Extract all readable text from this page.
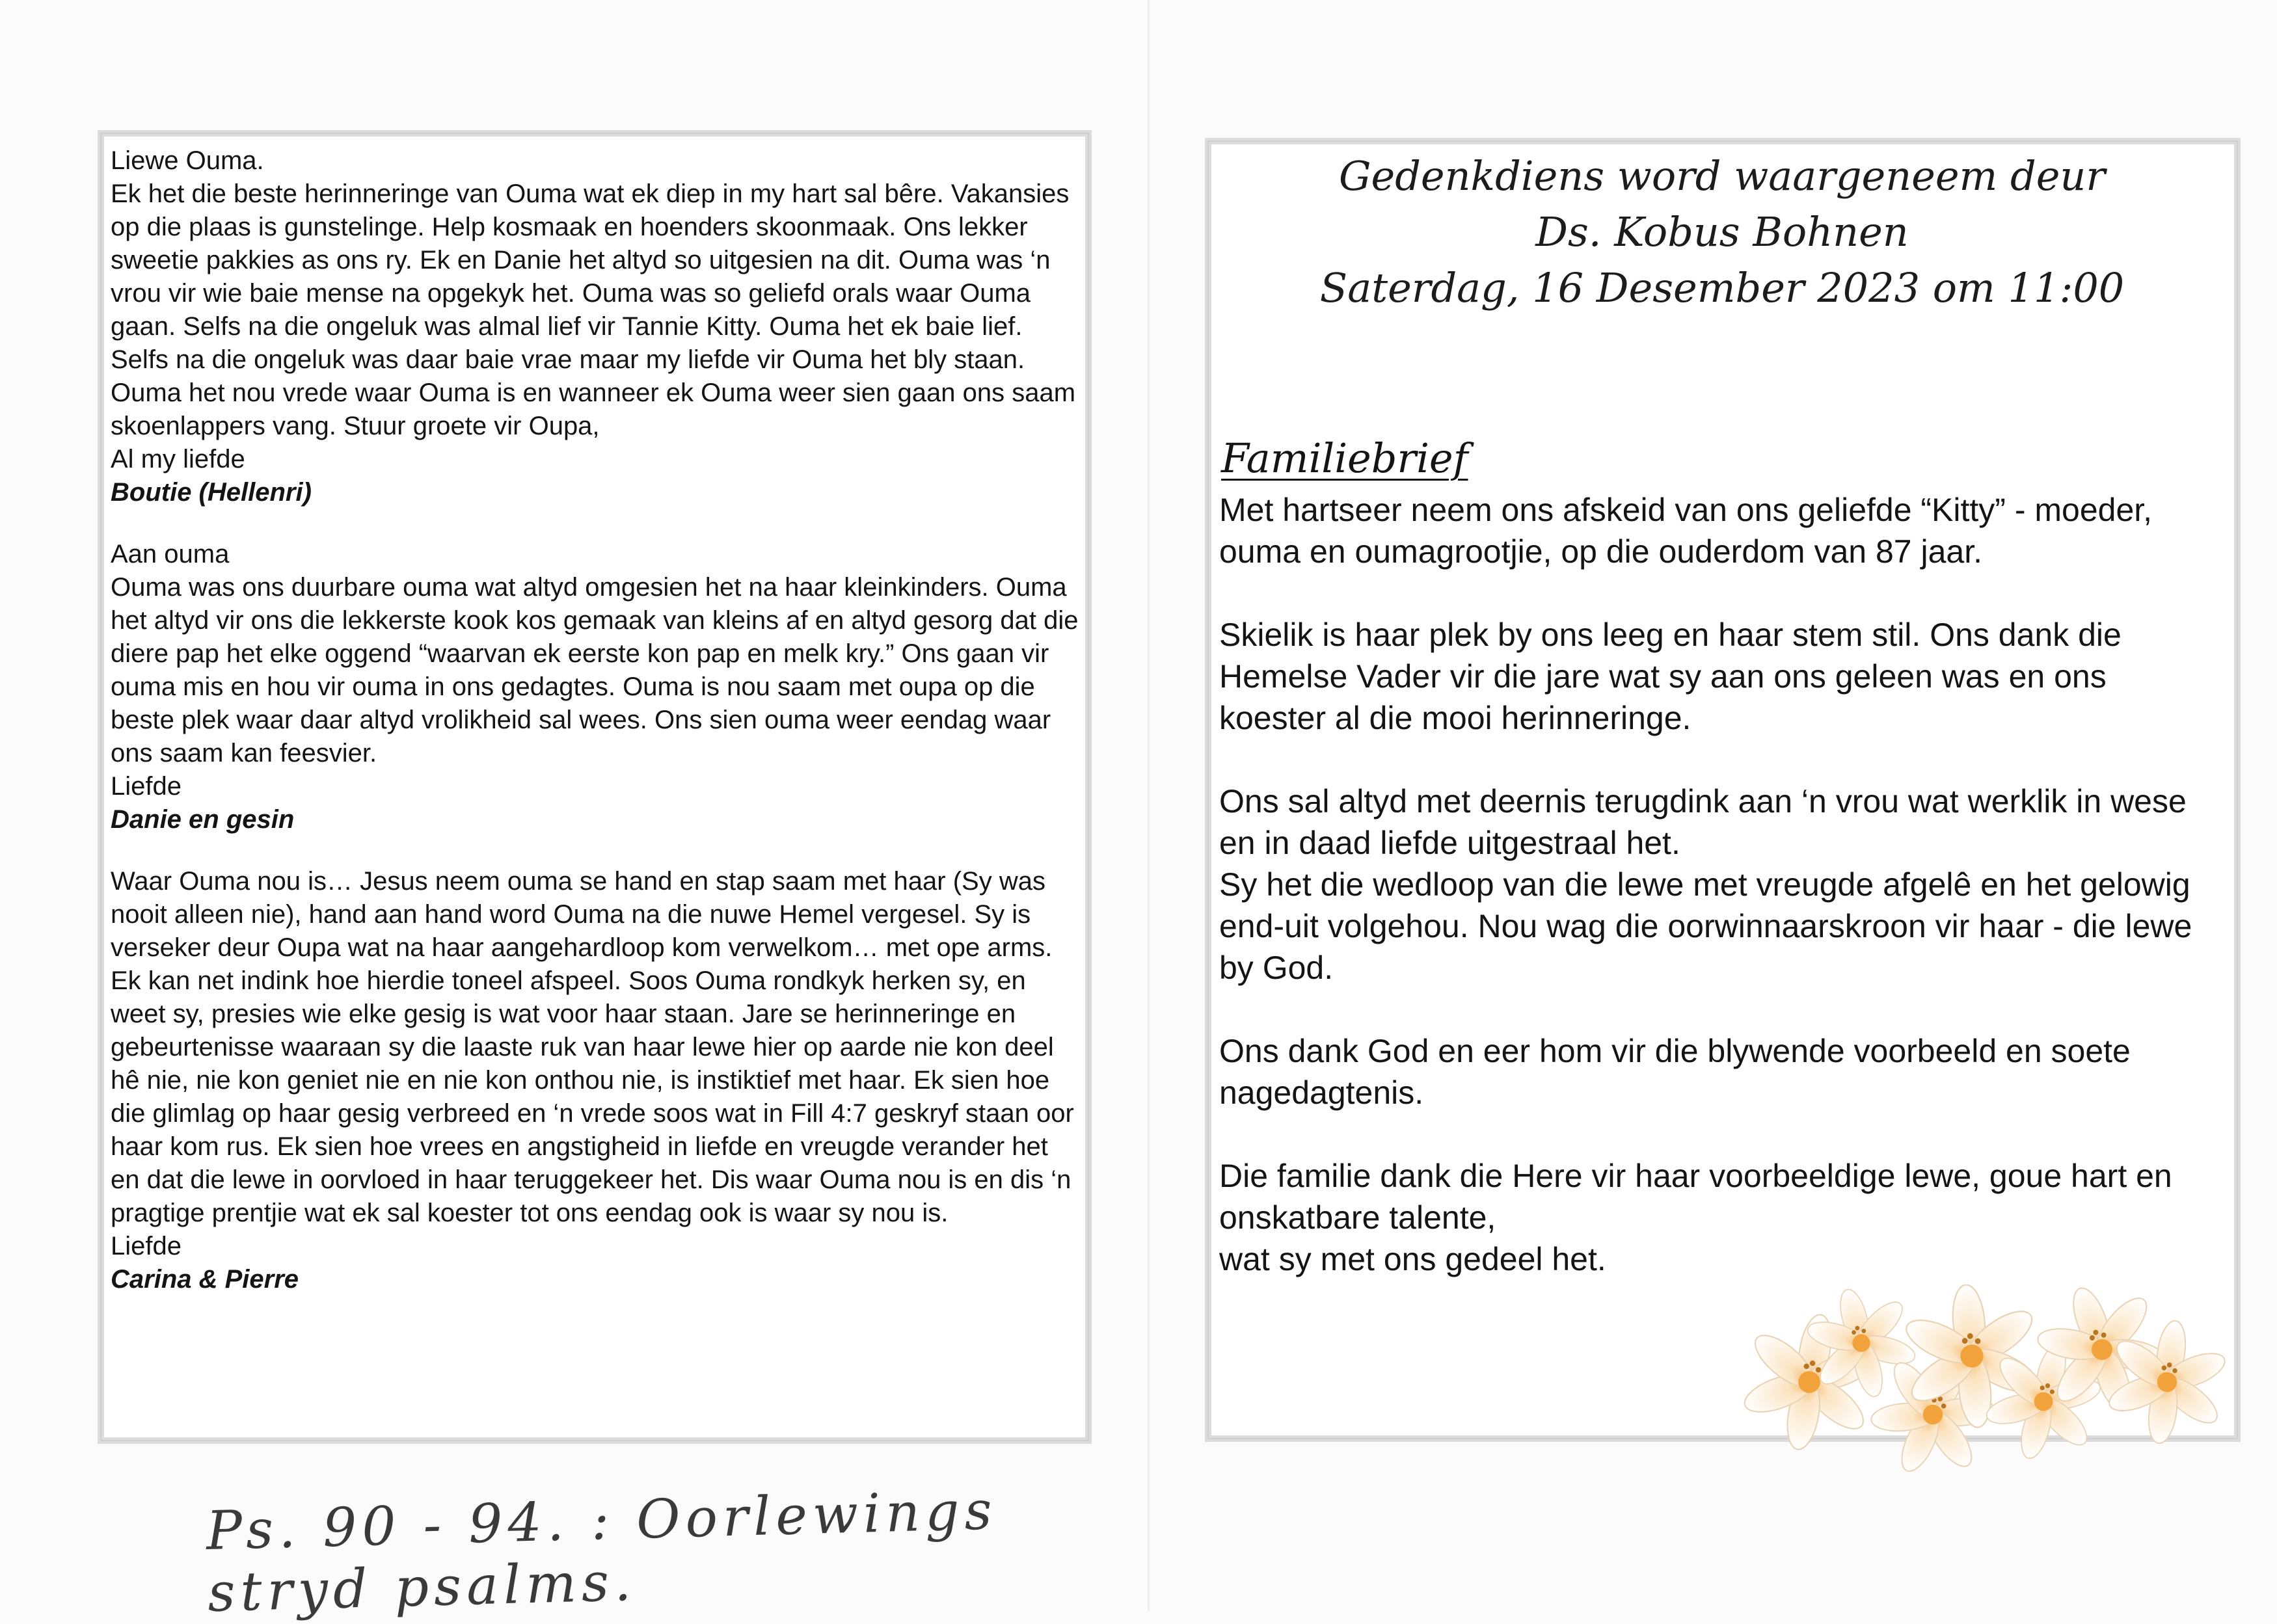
Liewe Ouma.

Ek het die beste herinneringe van Ouma wat ek diep in my hart sal bêre. Vakansies op die plaas is gunstelinge. Help kosmaak en hoenders skoonmaak. Ons lekker sweetie pakkies as ons ry. Ek en Danie het altyd so uitgesien na dit. Ouma was ‘n vrou vir wie baie mense na opgekyk het. Ouma was so geliefd orals waar Ouma gaan. Selfs na die ongeluk was almal lief vir Tannie Kitty. Ouma het ek baie lief. Selfs na die ongeluk was daar baie vrae maar my liefde vir Ouma het bly staan. Ouma het nou vrede waar Ouma is en wanneer ek Ouma weer sien gaan ons saam skoenlappers vang. Stuur groete vir Oupa,

Al my liefde

Boutie (Hellenri)

Aan ouma

Ouma was ons duurbare ouma wat altyd omgesien het na haar kleinkinders. Ouma het altyd vir ons die lekkerste kook kos gemaak van kleins af en altyd gesorg dat die diere pap het elke oggend “waarvan ek eerste kon pap en melk kry.” Ons gaan vir ouma mis en hou vir ouma in ons gedagtes. Ouma is nou saam met oupa op die beste plek waar daar altyd vrolikheid sal wees. Ons sien ouma weer eendag waar ons saam kan feesvier.

Liefde

Danie en gesin

Waar Ouma nou is… Jesus neem ouma se hand en stap saam met haar (Sy was nooit alleen nie), hand aan hand word Ouma na die nuwe Hemel vergesel. Sy is verseker deur Oupa wat na haar aangehardloop kom verwelkom… met ope arms. Ek kan net indink hoe hierdie toneel afspeel. Soos Ouma rondkyk herken sy, en weet sy, presies wie elke gesig is wat voor haar staan. Jare se herinneringe en gebeurtenisse waaraan sy die laaste ruk van haar lewe hier op aarde nie kon deel hê nie, nie kon geniet nie en nie kon onthou nie, is instiktief met haar. Ek sien hoe die glimlag op haar gesig verbreed en ‘n vrede soos wat in Fill 4:7 geskryf staan oor haar kom rus. Ek sien hoe vrees en angstigheid in liefde en vreugde verander het en dat die lewe in oorvloed in haar teruggekeer het. Dis waar Ouma nou is en dis ‘n pragtige prentjie wat ek sal koester tot ons eendag ook is waar sy nou is.

Liefde

Carina & Pierre

Ps. 90 - 94. : Oorlewings stryd psalms.
Gedenkdiens word waargeneem deur
Ds. Kobus Bohnen
Saterdag, 16 Desember 2023 om 11:00
Familiebrief

Met hartseer neem ons afskeid van ons geliefde “Kitty” - moeder, ouma en oumagrootjie, op die ouderdom van 87 jaar.

Skielik is haar plek by ons leeg en haar stem stil. Ons dank die Hemelse Vader vir die jare wat sy aan ons geleen was en ons koester al die mooi herinneringe.

Ons sal altyd met deernis terugdink aan ‘n vrou wat werklik in wese en in daad liefde uitgestraal het.
Sy het die wedloop van die lewe met vreugde afgelê en het gelowig end-uit volgehou. Nou wag die oorwinnaarskroon vir haar - die lewe by God.

Ons dank God en eer hom vir die blywende voorbeeld en soete nagedagtenis.

Die familie dank die Here vir haar voorbeeldige lewe, goue hart en onskatbare talente,
wat sy met ons gedeel het.
